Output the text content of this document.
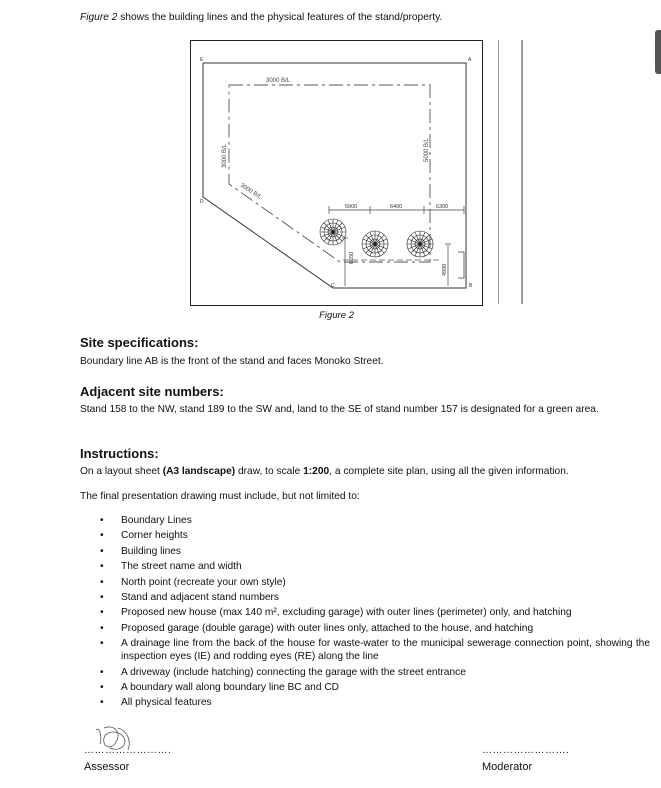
Figure 2 shows the building lines and the physical features of the stand/property.

E	A
D
C	B
3000 B/L
3000 B/L	5000 B/L
3000 B/L
5900	6400	6300
6650
4990

Figure 2

Site specifications:

Boundary line AB is the front of the stand and faces Monoko Street.

Adjacent site numbers:

Stand 158 to the NW, stand 189 to the SW and, land to the SE of stand number 157 is designated for a green area.

Instructions:

On a layout sheet (A3 landscape) draw, to scale 1:200, a complete site plan, using all the given information.

The final presentation drawing must include, but not limited to:

• Boundary Lines
• Corner heights
• Building lines
• The street name and width
• North point (recreate your own style)
• Stand and adjacent stand numbers
• Proposed new house (max 140 m², excluding garage) with outer lines (perimeter) only, and hatching
• Proposed garage (double garage) with outer lines only, attached to the house, and hatching
• A drainage line from the back of the house for waste-water to the municipal sewerage connection point, showing the inspection eyes (IE) and rodding eyes (RE) along the line
• A driveway (include hatching) connecting the garage with the street entrance
• A boundary wall along boundary line BC and CD
• All physical features

…………………….

Assessor

…………………….

Moderator
